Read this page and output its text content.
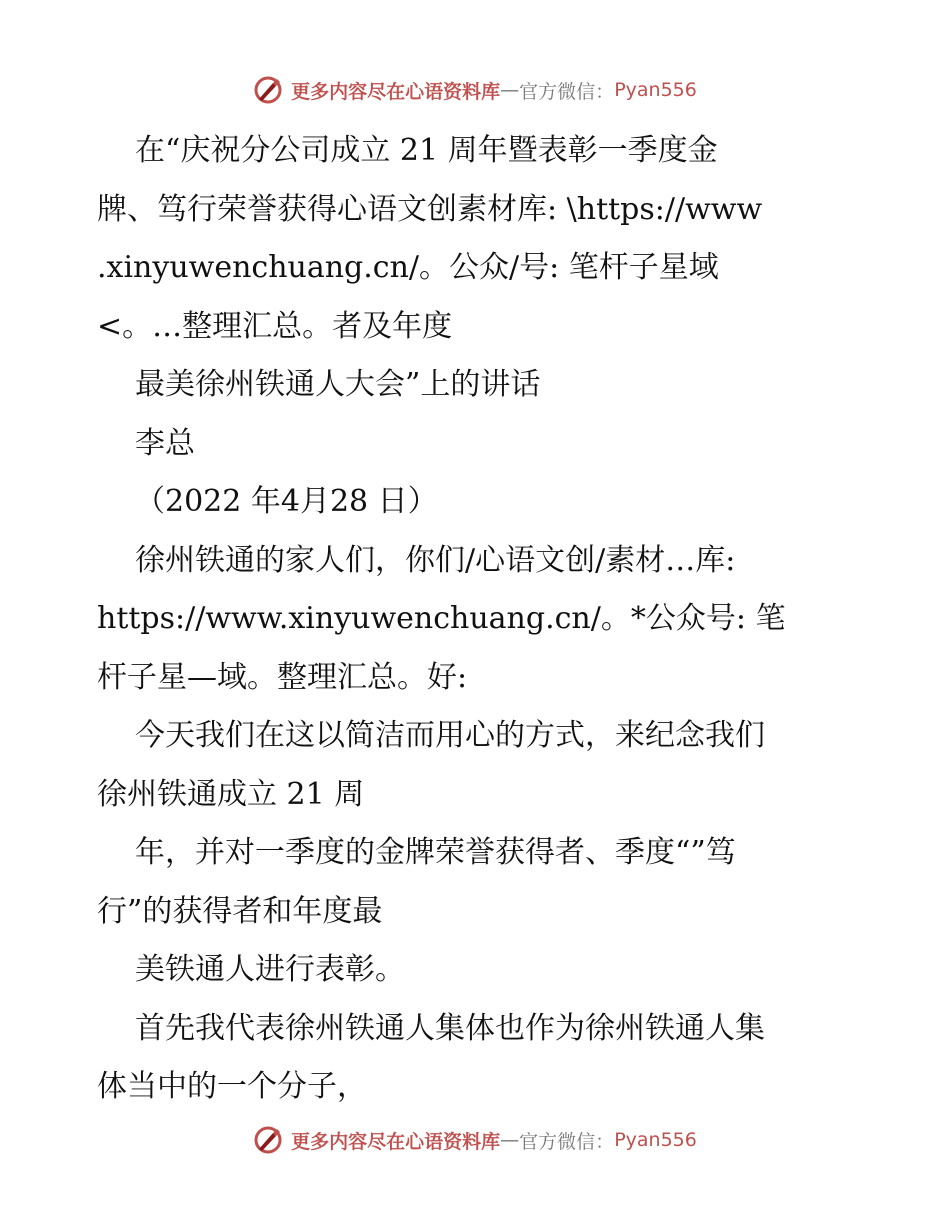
更多内容尽在心语资料库 — 官方微信： Pyan556
在“庆祝分公司成立 21 周年暨表彰一季度金
牌、笃行荣誉获得心语文创素材库: \https://www
.xinyuwenchuang.cn/。公众/号: 笔杆子星域
<。…整理汇总。者及年度
最美徐州铁通人大会”上的讲话
李总
（2022 年4月28 日）
徐州铁通的家人们，你们/心语文创/素材…库:
https://www.xinyuwenchuang.cn/。*公众号: 笔
杆子星—域。整理汇总。好:
今天我们在这以简洁而用心的方式，来纪念我们
徐州铁通成立 21 周
年，并对一季度的金牌荣誉获得者、季度“”笃
行”的获得者和年度最
美铁通人进行表彰。
首先我代表徐州铁通人集体也作为徐州铁通人集
体当中的一个分子，
更多内容尽在心语资料库 — 官方微信： Pyan556
